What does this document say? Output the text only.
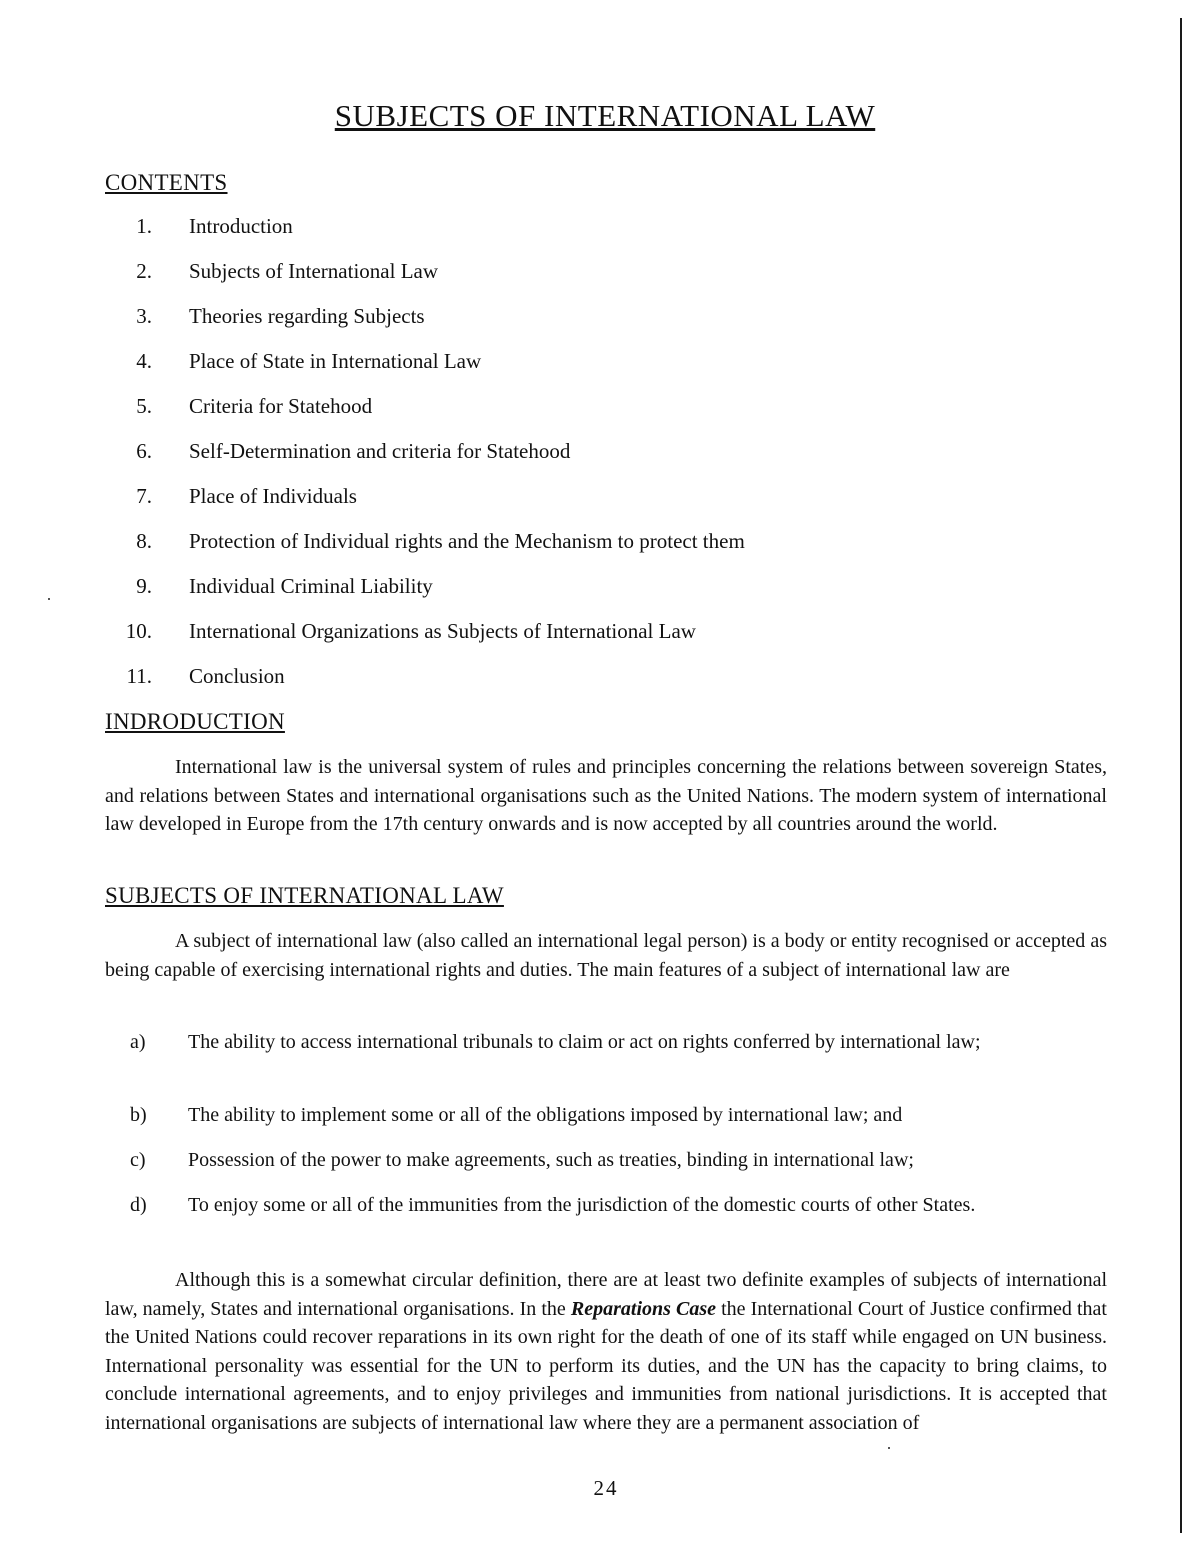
SUBJECTS OF INTERNATIONAL LAW
CONTENTS
1. Introduction
2. Subjects of International Law
3. Theories regarding Subjects
4. Place of State in International Law
5. Criteria for Statehood
6. Self-Determination and criteria for Statehood
7. Place of Individuals
8. Protection of Individual rights and the Mechanism to protect them
9. Individual Criminal Liability
10. International Organizations as Subjects of International Law
11. Conclusion
INDRODUCTION

International law is the universal system of rules and principles concerning the relations between sovereign States, and relations between States and international organisations such as the United Nations. The modern system of international law developed in Europe from the 17th century onwards and is now accepted by all countries around the world.

SUBJECTS OF INTERNATIONAL LAW

A subject of international law (also called an international legal person) is a body or entity recognised or accepted as being capable of exercising international rights and duties. The main features of a subject of international law are

a) The ability to access international tribunals to claim or act on rights conferred by international law;
b) The ability to implement some or all of the obligations imposed by international law; and
c) Possession of the power to make agreements, such as treaties, binding in international law;
d) To enjoy some or all of the immunities from the jurisdiction of the domestic courts of other States.

Although this is a somewhat circular definition, there are at least two definite examples of subjects of international law, namely, States and international organisations. In the Reparations Case the International Court of Justice confirmed that the United Nations could recover reparations in its own right for the death of one of its staff while engaged on UN business. International personality was essential for the UN to perform its duties, and the UN has the capacity to bring claims, to conclude international agreements, and to enjoy privileges and immunities from national jurisdictions. It is accepted that international organisations are subjects of international law where they are a permanent association of

24
